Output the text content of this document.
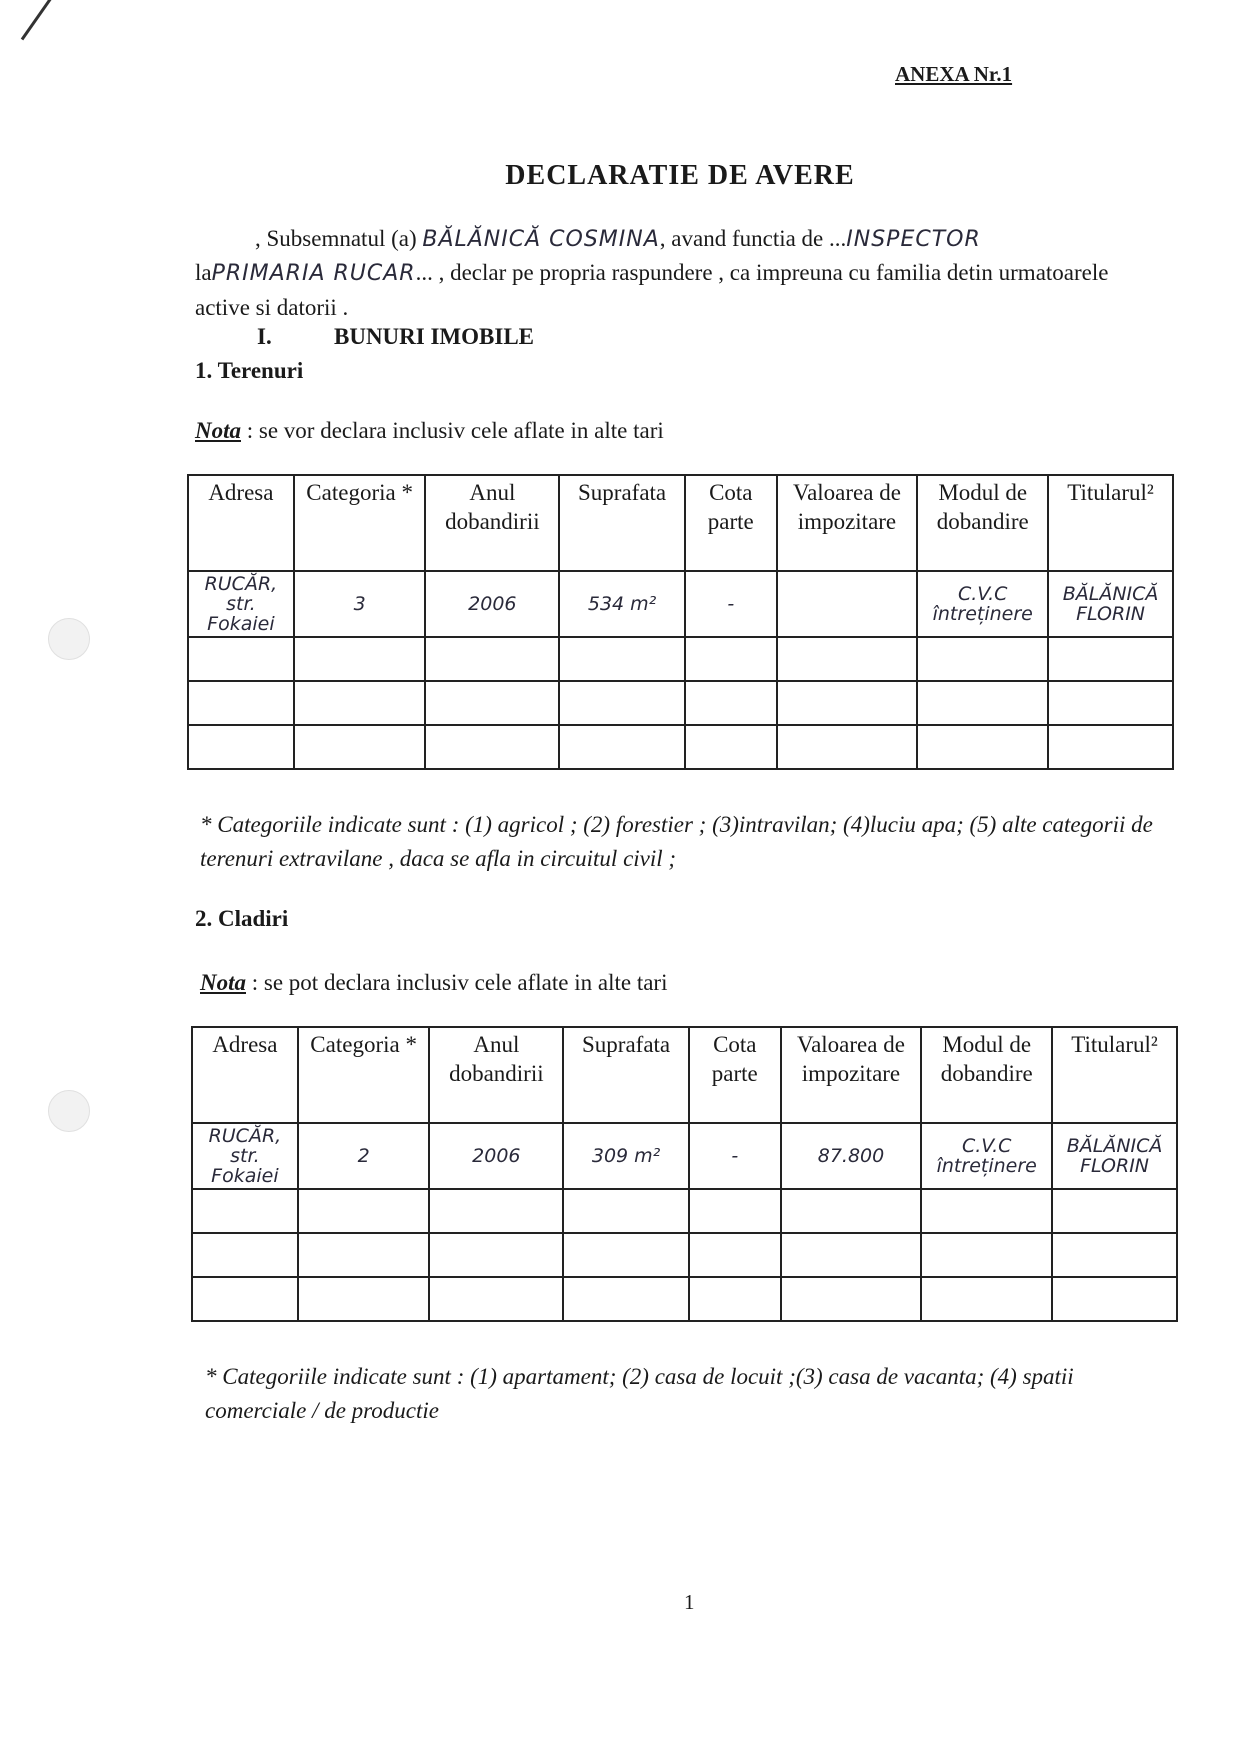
ANEXA Nr.1
DECLARATIE DE AVERE
, Subsemnatul (a) BĂLĂNICĂ COSMINA, avand functia de ...INSPECTOR

laPRIMARIA RUCAR... , declar pe propria raspundere , ca impreuna cu familia detin urmatoarele active si datorii .
I.	BUNURI IMOBILE
1. Terenuri
Nota : se vor declara inclusiv cele aflate in alte tari
Adresa	Categoria *	Anul dobandirii	Suprafata	Cota parte	Valoarea de impozitare	Modul de dobandire	Titularul²
RUCĂR, str. Fokaiei	3	2006	534 m²	-		C.V.C întreținere	BĂLĂNICĂ FLORIN

* Categoriile indicate sunt : (1) agricol ; (2) forestier ; (3)intravilan; (4)luciu apa; (5) alte categorii de terenuri extravilane , daca se afla in circuitul civil ;
2. Cladiri
Nota : se pot declara inclusiv cele aflate in alte tari
Adresa	Categoria *	Anul dobandirii	Suprafata	Cota parte	Valoarea de impozitare	Modul de dobandire	Titularul²
RUCĂR, str. Fokaiei	2	2006	309 m²	-	87.800	C.V.C întreținere	BĂLĂNICĂ FLORIN

* Categoriile indicate sunt : (1) apartament; (2) casa de locuit ;(3) casa de vacanta; (4) spatii comerciale / de productie
1
